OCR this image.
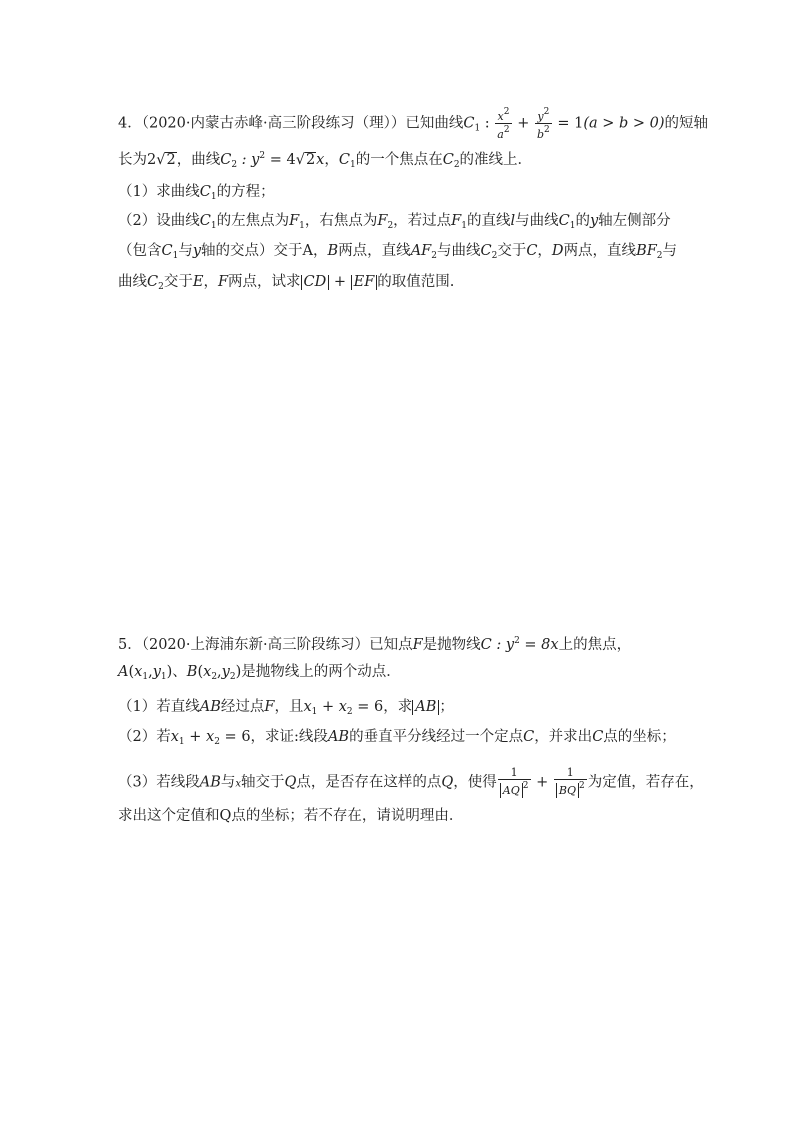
4．（2020·内蒙古赤峰·高三阶段练习（理））已知曲线$C_1$ : $\frac{x^2}{a^2} + \frac{y^2}{b^2} = 1(a > b > 0)$的短轴
长为2√2，曲线$C_2$ : $y^2 = 4√2x$，$C_1$的一个焦点在$C_2$的准线上．
（1）求曲线$C_1$的方程；
（2）设曲线$C_1$的左焦点为$F_1$，右焦点为$F_2$，若过点$F_1$的直线l与曲线$C_1$的y轴左侧部分
（包含$C_1$与y轴的交点）交于A，B两点，直线$AF_2$与曲线$C_2$交于C，D两点，直线$BF_2$与
曲线$C_2$交于E，F两点，试求 CD + EF 的取值范围.
5．（2020·上海浦东新·高三阶段练习）已知点F是抛物线C : $y^2 = 8x$上的焦点，
$A(x_1,y_1)$、$B(x_2,y_2)$是抛物线上的两个动点．
（1）若直线AB经过点F，且$x_1 + x_2 = 6$，求 AB ；
（2）若$x_1 + x_2 = 6$，求证:线段AB的垂直平分线经过一个定点C，并求出C点的坐标；
（3）若线段AB与x轴交于Q点，是否存在这样的点Q，使得 $\frac{1}{AQ ^2} + \frac{1}{BQ ^2}$ 为定值，若存在，
求出这个定值和Q点的坐标；若不存在，请说明理由．
